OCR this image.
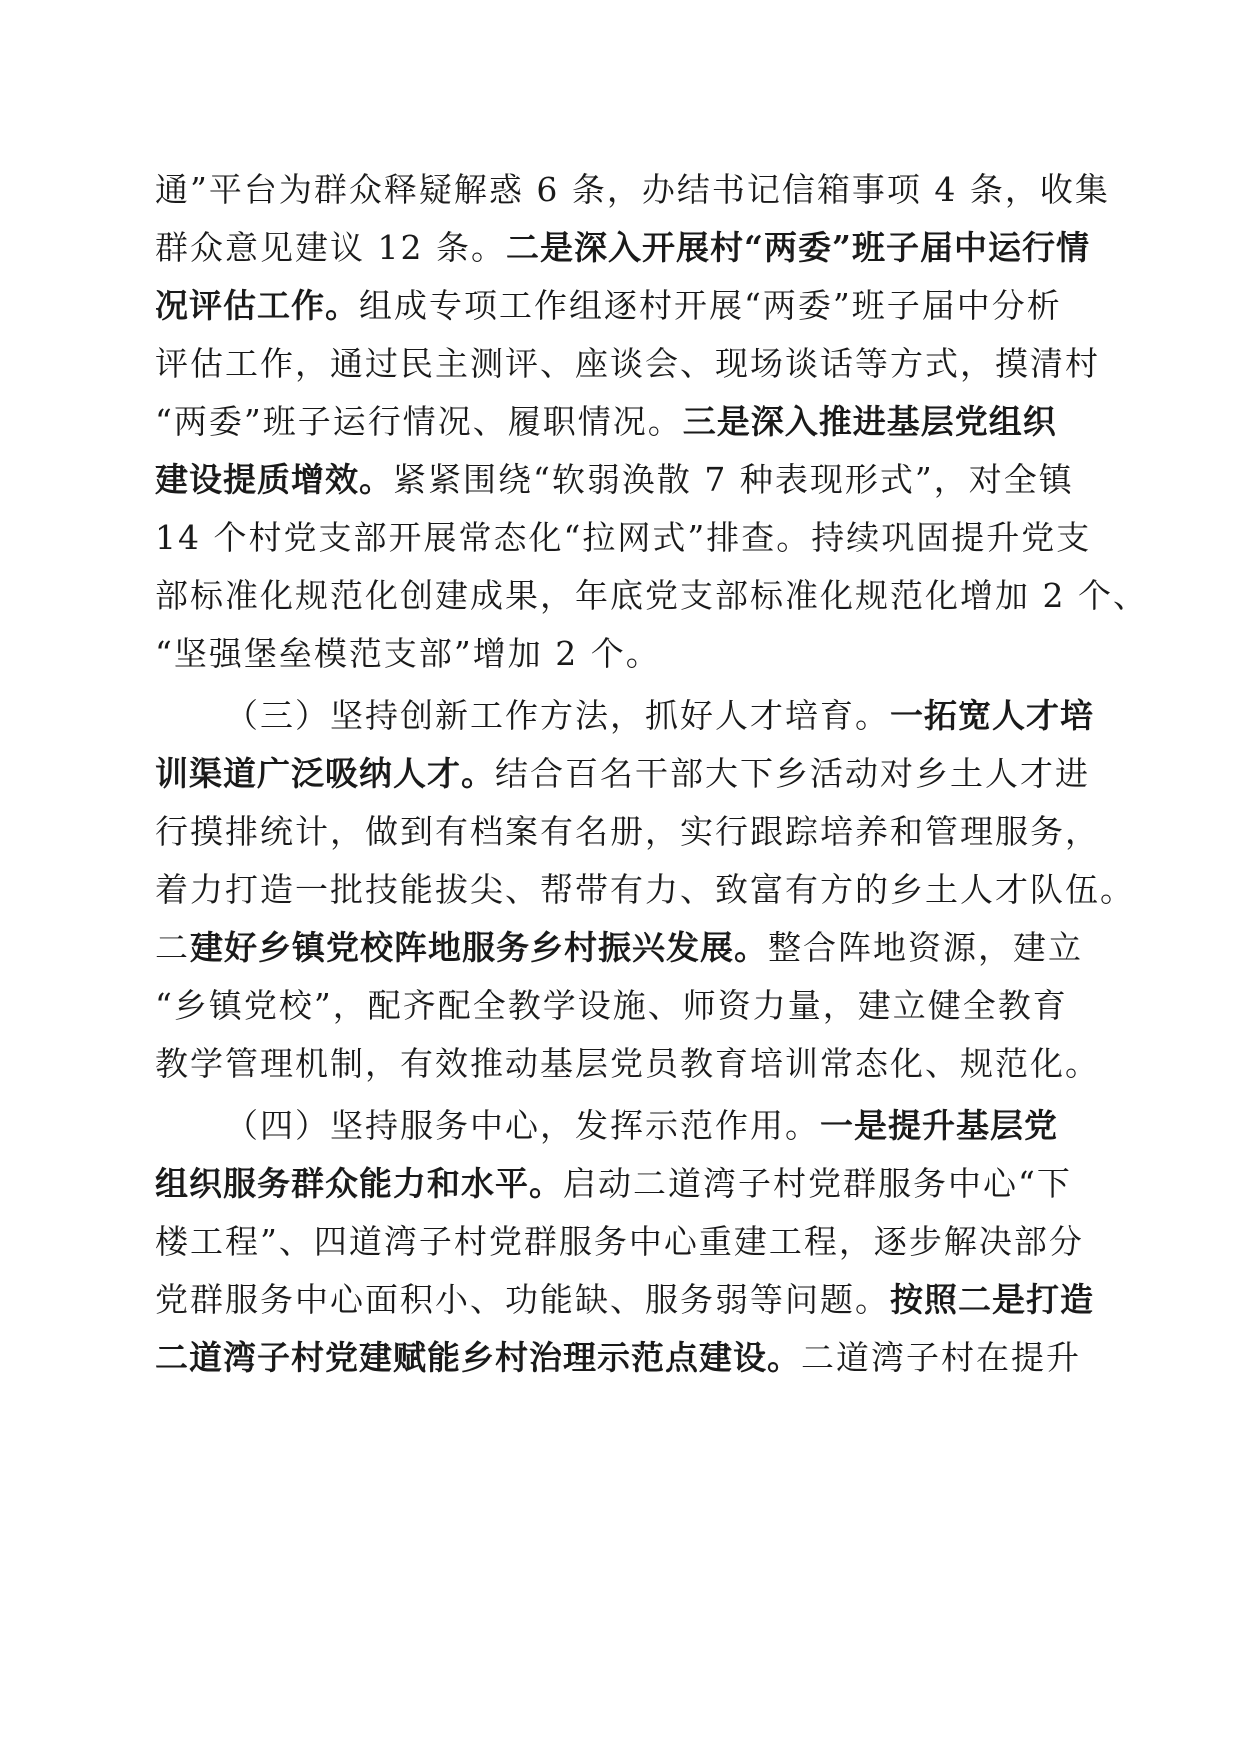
通”平台为群众释疑解惑 6 条，办结书记信箱事项 4 条，收集
群众意见建议 12 条。二是深入开展村“两委”班子届中运行情
况评估工作。组成专项工作组逐村开展“两委”班子届中分析
评估工作，通过民主测评、座谈会、现场谈话等方式，摸清村
“两委”班子运行情况、履职情况。三是深入推进基层党组织
建设提质增效。紧紧围绕“软弱涣散 7 种表现形式”，对全镇
14 个村党支部开展常态化“拉网式”排查。持续巩固提升党支
部标准化规范化创建成果，年底党支部标准化规范化增加 2 个、
“坚强堡垒模范支部”增加 2 个。
（三）坚持创新工作方法，抓好人才培育。一拓宽人才培
训渠道广泛吸纳人才。结合百名干部大下乡活动对乡土人才进
行摸排统计，做到有档案有名册，实行跟踪培养和管理服务，
着力打造一批技能拔尖、帮带有力、致富有方的乡土人才队伍。
二建好乡镇党校阵地服务乡村振兴发展。整合阵地资源，建立
“乡镇党校”，配齐配全教学设施、师资力量，建立健全教育
教学管理机制，有效推动基层党员教育培训常态化、规范化。
（四）坚持服务中心，发挥示范作用。一是提升基层党
组织服务群众能力和水平。启动二道湾子村党群服务中心“下
楼工程”、四道湾子村党群服务中心重建工程，逐步解决部分
党群服务中心面积小、功能缺、服务弱等问题。按照二是打造
二道湾子村党建赋能乡村治理示范点建设。二道湾子村在提升
